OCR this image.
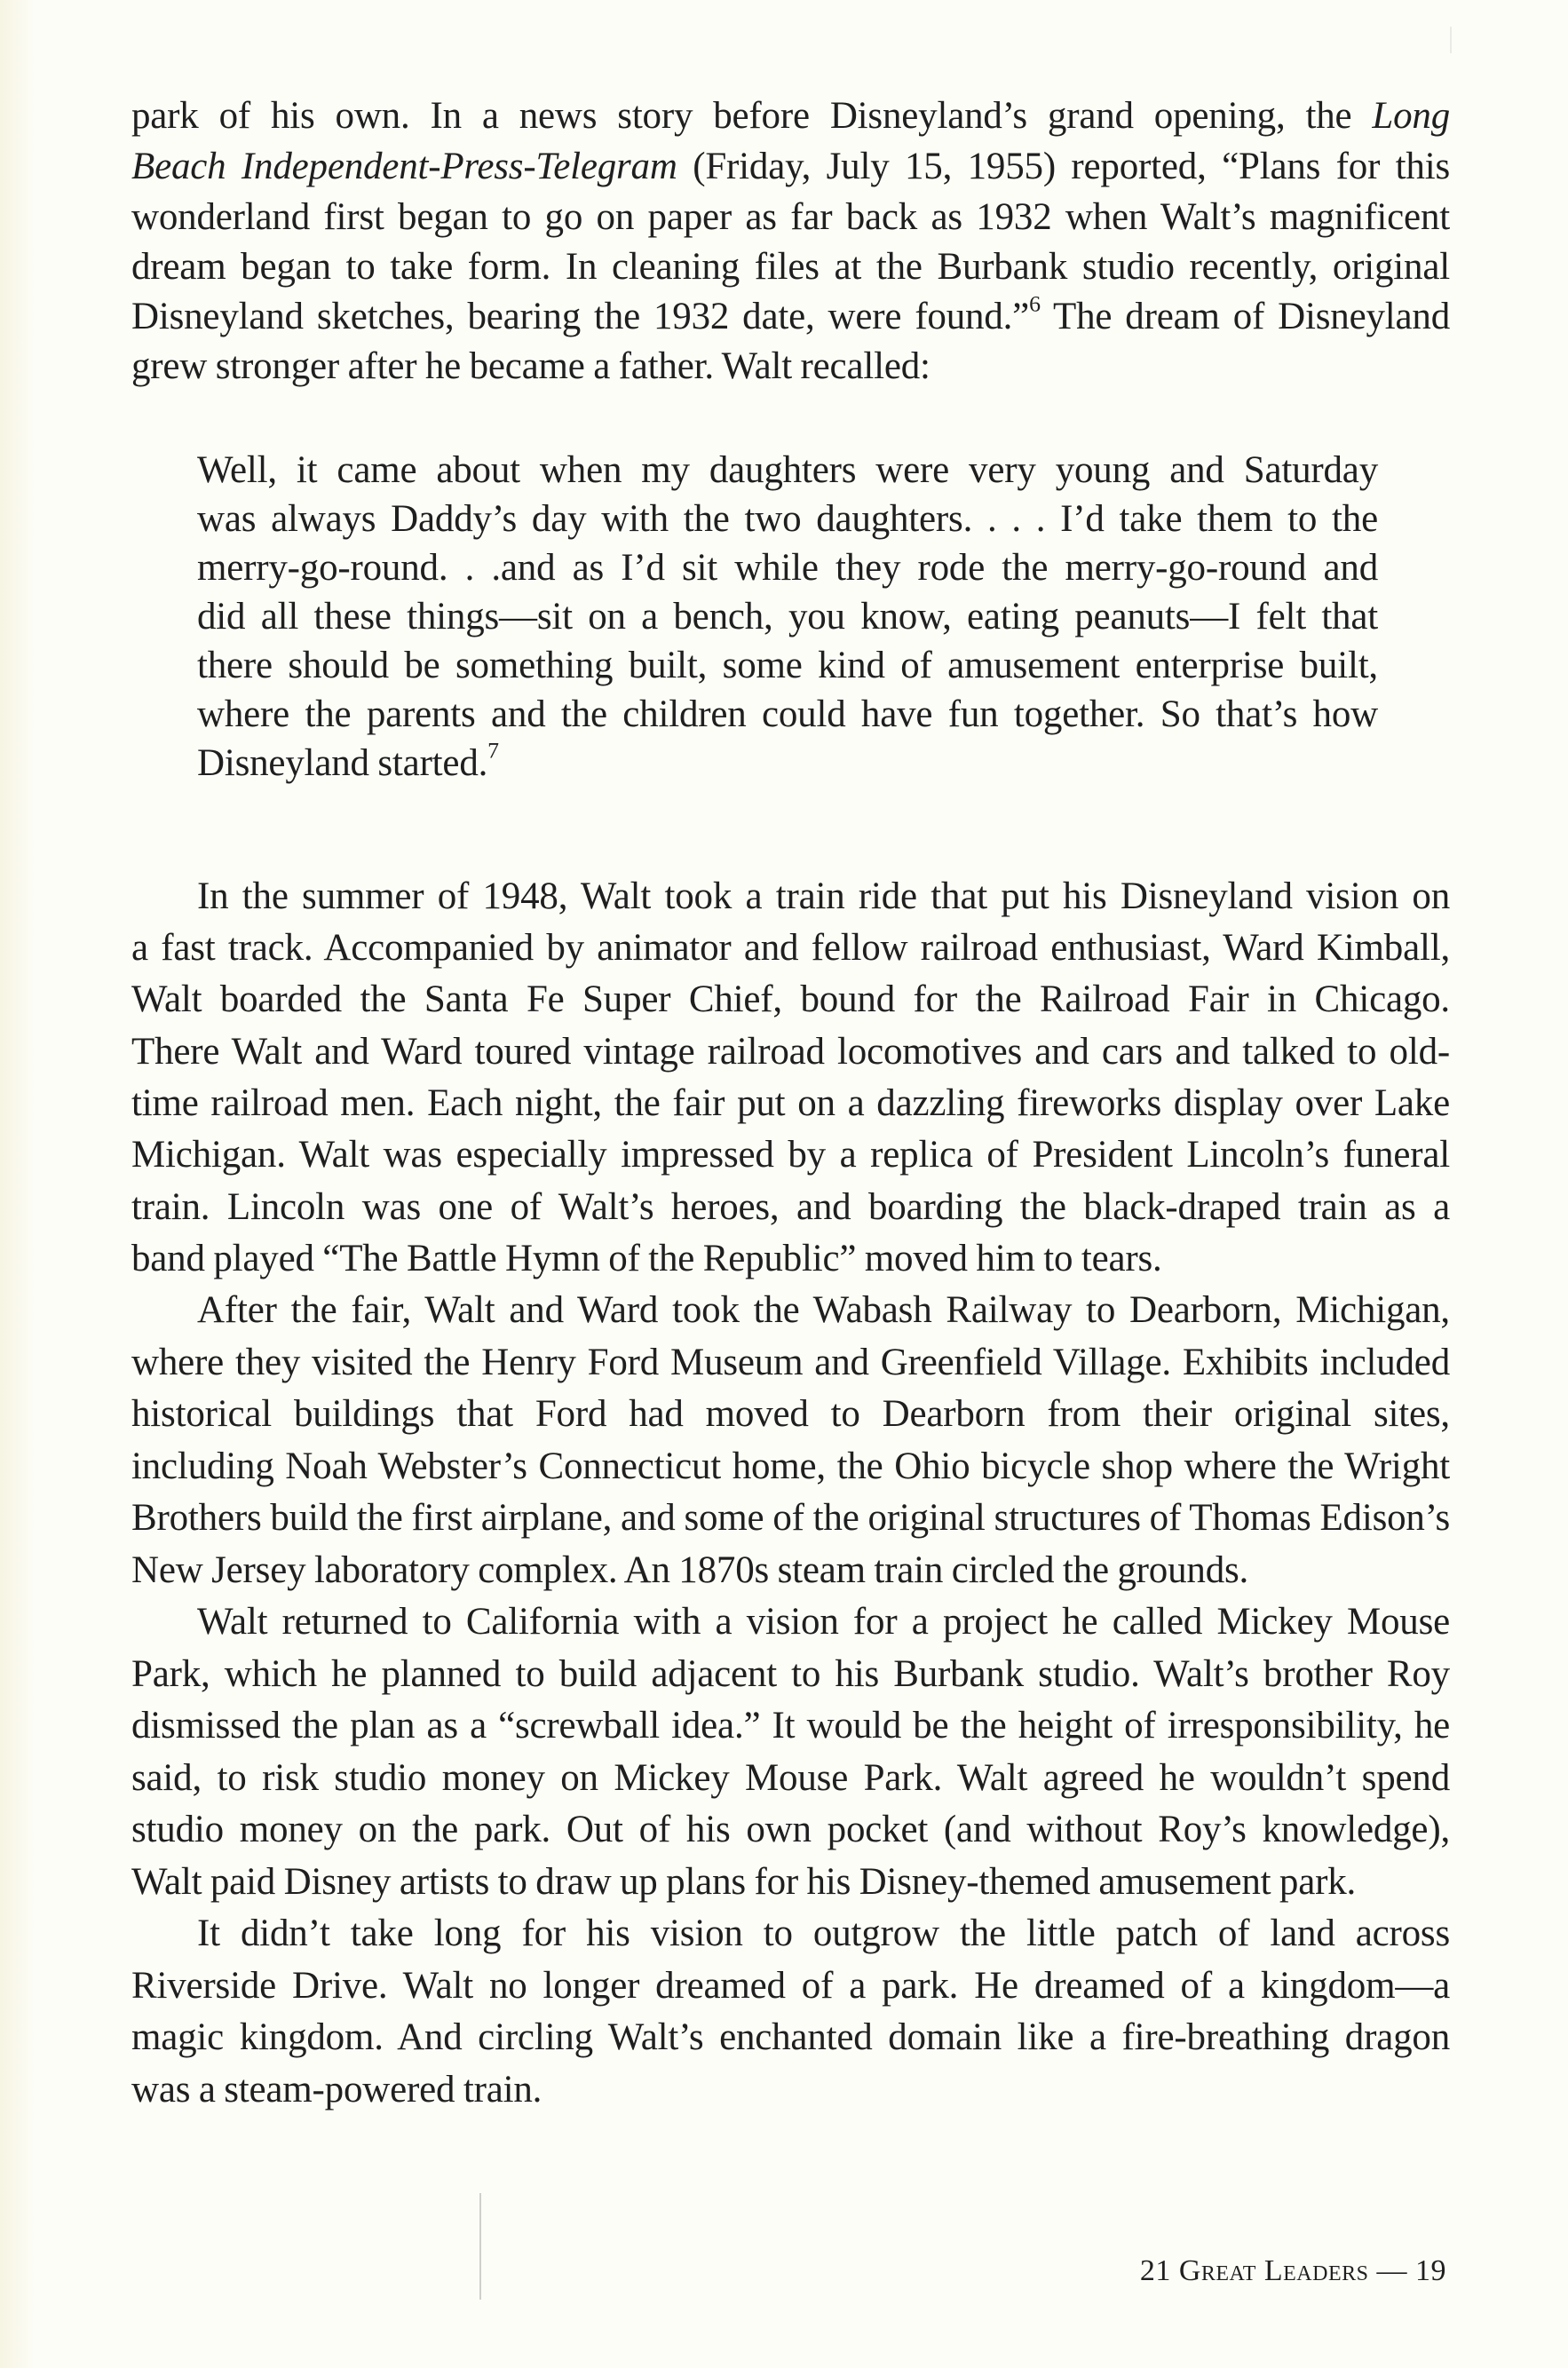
park of his own. In a news story before Disneyland’s grand opening, the Long
Beach Independent-Press-Telegram (Friday, July 15, 1955) reported, “Plans for this
wonderland first began to go on paper as far back as 1932 when Walt’s magnificent
dream began to take form. In cleaning files at the Burbank studio recently, original
Disneyland sketches, bearing the 1932 date, were found.”$^6$ The dream of Disneyland
grew stronger after he became a father. Walt recalled:
Well, it came about when my daughters were very young and Saturday
was always Daddy’s day with the two daughters. . . . I’d take them to the
merry-go-round. . .and as I’d sit while they rode the merry-go-round and
did all these things—sit on a bench, you know, eating peanuts—I felt that
there should be something built, some kind of amusement enterprise built,
where the parents and the children could have fun together. So that’s how
Disneyland started.$^7$
In the summer of 1948, Walt took a train ride that put his Disneyland vision on
a fast track. Accompanied by animator and fellow railroad enthusiast, Ward Kimball,
Walt boarded the Santa Fe Super Chief, bound for the Railroad Fair in Chicago.
There Walt and Ward toured vintage railroad locomotives and cars and talked to old-
time railroad men. Each night, the fair put on a dazzling fireworks display over Lake
Michigan. Walt was especially impressed by a replica of President Lincoln’s funeral
train. Lincoln was one of Walt’s heroes, and boarding the black-draped train as a
band played “The Battle Hymn of the Republic” moved him to tears.
After the fair, Walt and Ward took the Wabash Railway to Dearborn, Michigan,
where they visited the Henry Ford Museum and Greenfield Village. Exhibits included
historical buildings that Ford had moved to Dearborn from their original sites,
including Noah Webster’s Connecticut home, the Ohio bicycle shop where the Wright
Brothers build the first airplane, and some of the original structures of Thomas Edison’s
New Jersey laboratory complex. An 1870s steam train circled the grounds.
Walt returned to California with a vision for a project he called Mickey Mouse
Park, which he planned to build adjacent to his Burbank studio. Walt’s brother Roy
dismissed the plan as a “screwball idea.” It would be the height of irresponsibility, he
said, to risk studio money on Mickey Mouse Park. Walt agreed he wouldn’t spend
studio money on the park. Out of his own pocket (and without Roy’s knowledge),
Walt paid Disney artists to draw up plans for his Disney-themed amusement park.
It didn’t take long for his vision to outgrow the little patch of land across
Riverside Drive. Walt no longer dreamed of a park. He dreamed of a kingdom—a
magic kingdom. And circling Walt’s enchanted domain like a fire-breathing dragon
was a steam-powered train.
21 Great Leaders — 19
